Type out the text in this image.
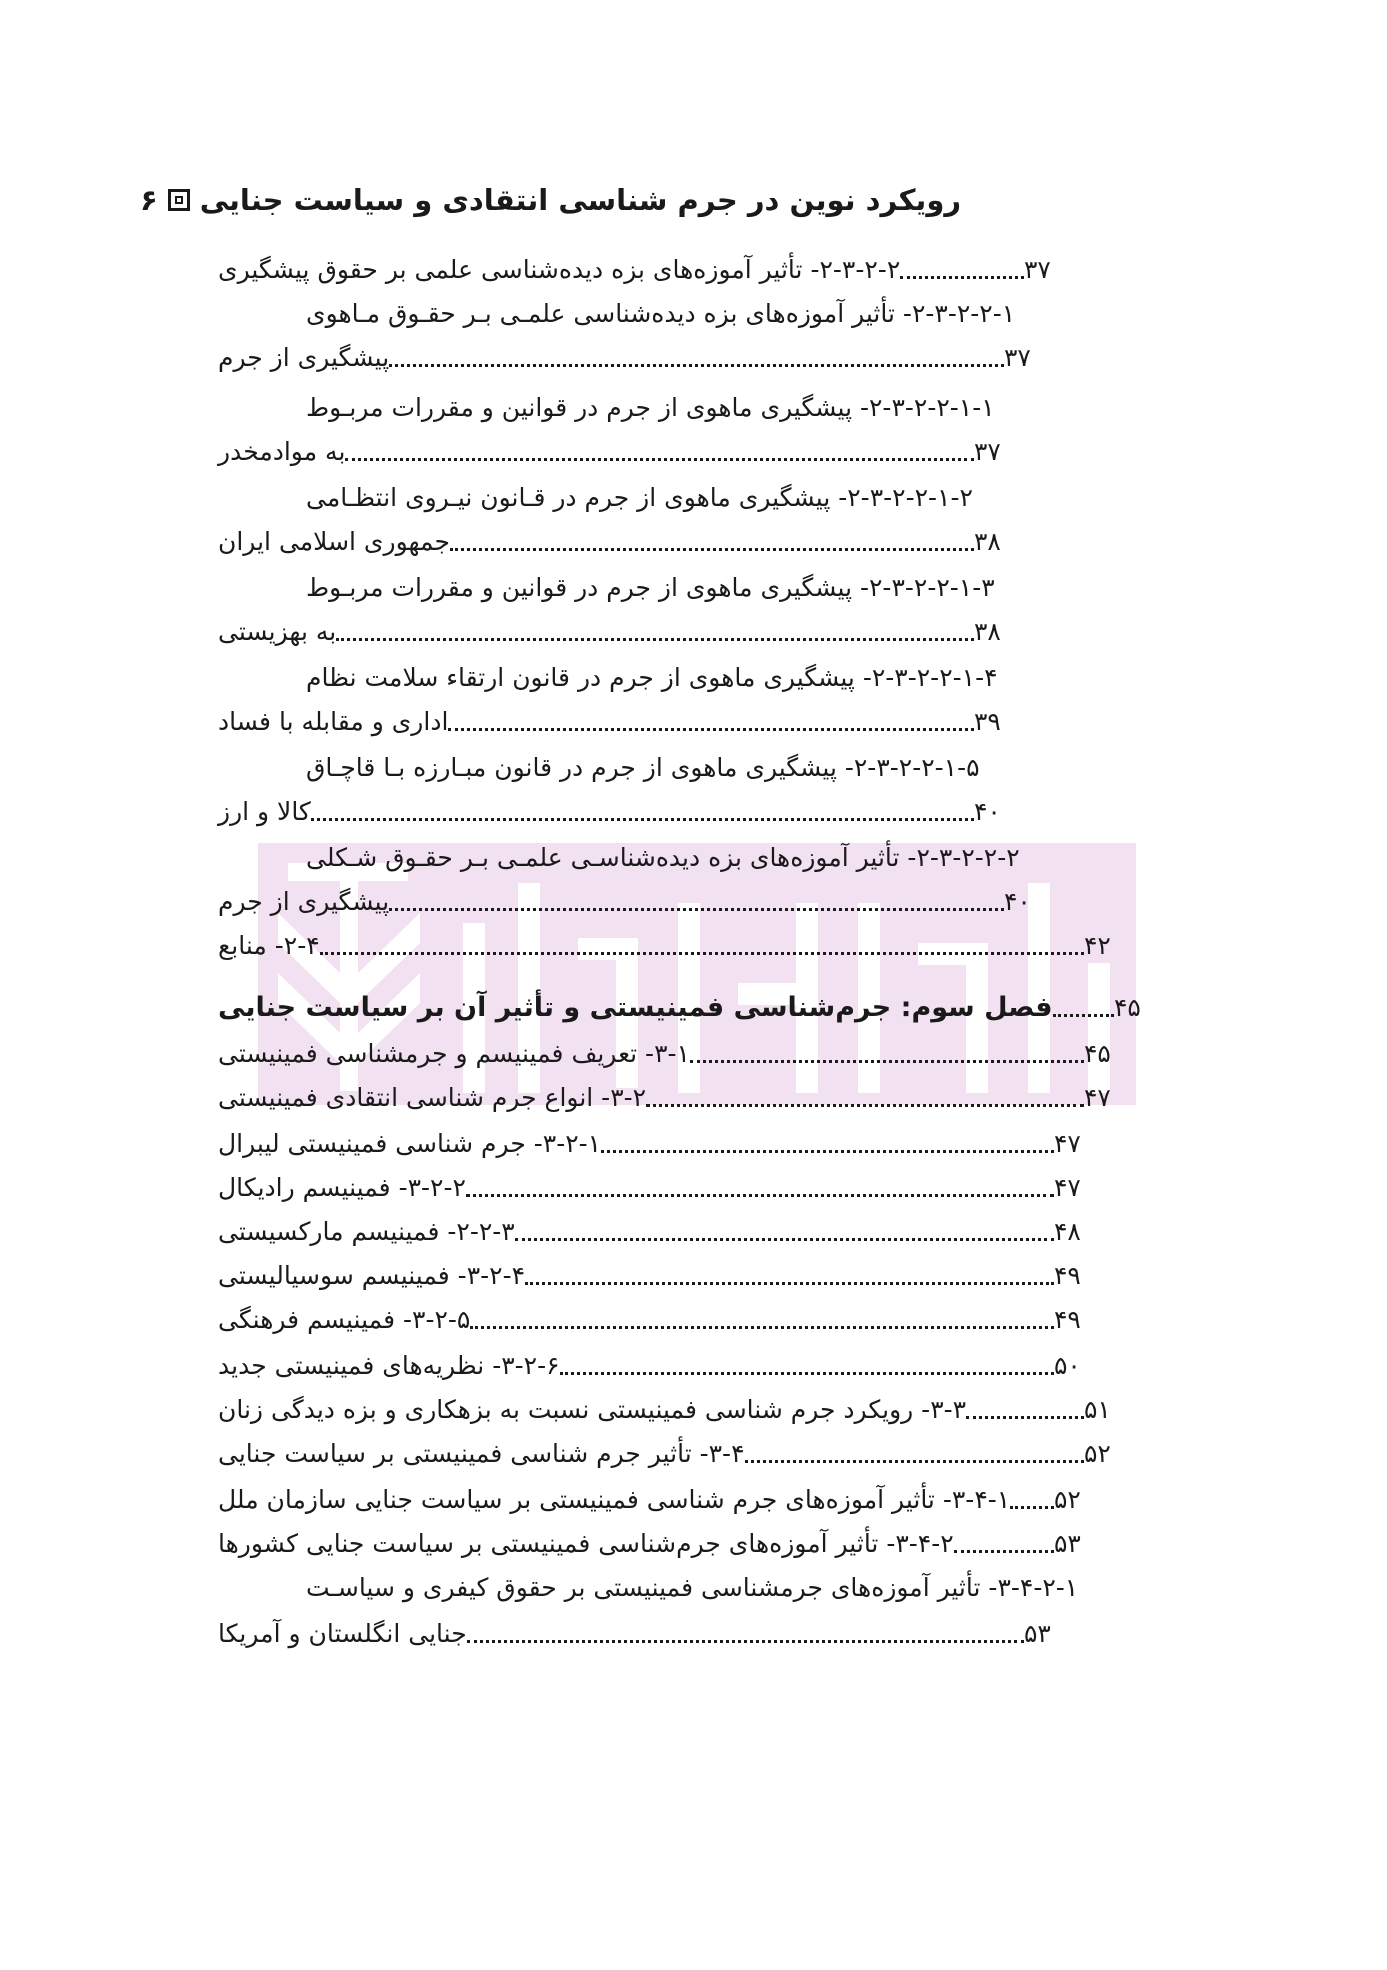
۶ رویکرد نوین در جرم شناسی انتقادی و سیاست جنایی
۲-۳-۲-۲- تأثیر آموزه‌های بزه دیده‌شناسی علمی بر حقوق پیشگیری	۳۷
۲-۳-۲-۲-۱- تأثیر آموزه‌های بزه دیده‌شناسی علمـی بـر حقـوق مـاهوی
پیشگیری از جرم	۳۷
۲-۳-۲-۲-۱-۱- پیشگیری ماهوی از جرم در قوانین و مقررات مربـوط
به موادمخدر	۳۷
۲-۳-۲-۲-۱-۲- پیشگیری ماهوی از جرم در قـانون نیـروی انتظـامی
جمهوری اسلامی ایران	۳۸
۲-۳-۲-۲-۱-۳- پیشگیری ماهوی از جرم در قوانین و مقررات مربـوط
به بهزیستی	۳۸
۲-۳-۲-۲-۱-۴- پیشگیری ماهوی از جرم در قانون ارتقاء سلامت نظام
اداری و مقابله با فساد	۳۹
۲-۳-۲-۲-۱-۵- پیشگیری ماهوی از جرم در قانون مبـارزه بـا قاچـاق
کالا و ارز	۴۰
۲-۳-۲-۲-۲- تأثیر آموزه‌های بزه دیده‌شناسـی علمـی بـر حقـوق شـکلی
پیشگیری از جرم	۴۰
۲-۴- منابع	۴۲
فصل سوم: جرم‌شناسی فمینیستی و تأثیر آن بر سیاست جنایی ۴۵
۳-۱- تعریف فمینیسم و جرمشناسی فمینیستی	۴۵
۳-۲- انواع جرم شناسی انتقادی فمینیستی	۴۷
۳-۲-۱- جرم شناسی فمینیستی لیبرال	۴۷
۳-۲-۲- فمینیسم رادیکال	۴۷
۲-۲-۳- فمینیسم مارکسیستی	۴۸
۳-۲-۴- فمینیسم سوسیالیستی	۴۹
۳-۲-۵- فمینیسم فرهنگی	۴۹
۳-۲-۶- نظریه‌های فمینیستی جدید	۵۰
۳-۳- رویکرد جرم شناسی فمینیستی نسبت به بزهکاری و بزه دیدگی زنان	۵۱
۳-۴- تأثیر جرم شناسی فمینیستی بر سیاست جنایی	۵۲
۳-۴-۱- تأثیر آموزه‌های جرم شناسی فمینیستی بر سیاست جنایی سازمان ملل ۵۲
۳-۴-۲- تأثیر آموزه‌های جرم‌شناسی فمینیستی بر سیاست جنایی کشورها	۵۳
۳-۴-۲-۱- تأثیر آموزه‌های جرمشناسی فمینیستی بر حقوق کیفری و سیاسـت
جنایی انگلستان و آمریکا	۵۳
